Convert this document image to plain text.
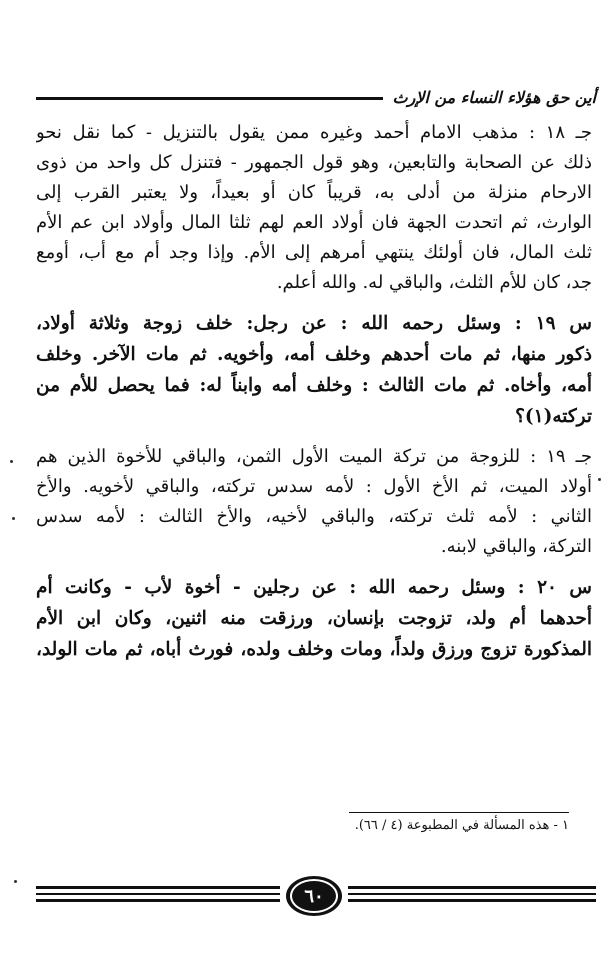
أين حق هؤلاء النساء من الإرث
جـ ١٨ : مذهب الامام أحمد وغيره ممن يقول بالتنزيل - كما نقل نحو
ذلك عن الصحابة والتابعين، وهو قول الجمهور - فتنزل كل واحد من ذوى
الارحام منزلة من أدلى به، قريباً كان أو بعيداً، ولا يعتبر القرب إلى
الوارث، ثم اتحدت الجهة فان أولاد العم لهم ثلثا المال وأولاد ابن عم الأم
ثلث المال، فان أولئك ينتهي أمرهم إلى الأم. وإذا وجد أم مع أب، أومع
جد، كان للأم الثلث، والباقي له. والله أعلم.
س ١٩ : وسئل رحمه الله : عن رجل: خلف زوجة وثلاثة أولاد،
ذكور منها، ثم مات أحدهم وخلف أمه، وأخويه. ثم مات الآخر. وخلف
أمه، وأخاه. ثم مات الثالث : وخلف أمه وابناً له: فما يحصل للأم من
تركته(١)؟
جـ ١٩ : للزوجة من تركة الميت الأول الثمن، والباقي للأخوة الذين هم
أولاد الميت، ثم الأخ الأول : لأمه سدس تركته، والباقي لأخويه. والأخ
الثاني : لأمه ثلث تركته، والباقي لأخيه، والأخ الثالث : لأمه سدس
التركة، والباقي لابنه.
س ٢٠ : وسئل رحمه الله : عن رجلين - أخوة لأب - وكانت أم
أحدهما أم ولد، تزوجت بإنسان، ورزقت منه اثنين، وكان ابن الأم
المذكورة تزوج ورزق ولداً، ومات وخلف ولده، فورث أباه، ثم مات الولد،
١ - هذه المسألة في المطبوعة (٤ / ٦٦).
٦٠
